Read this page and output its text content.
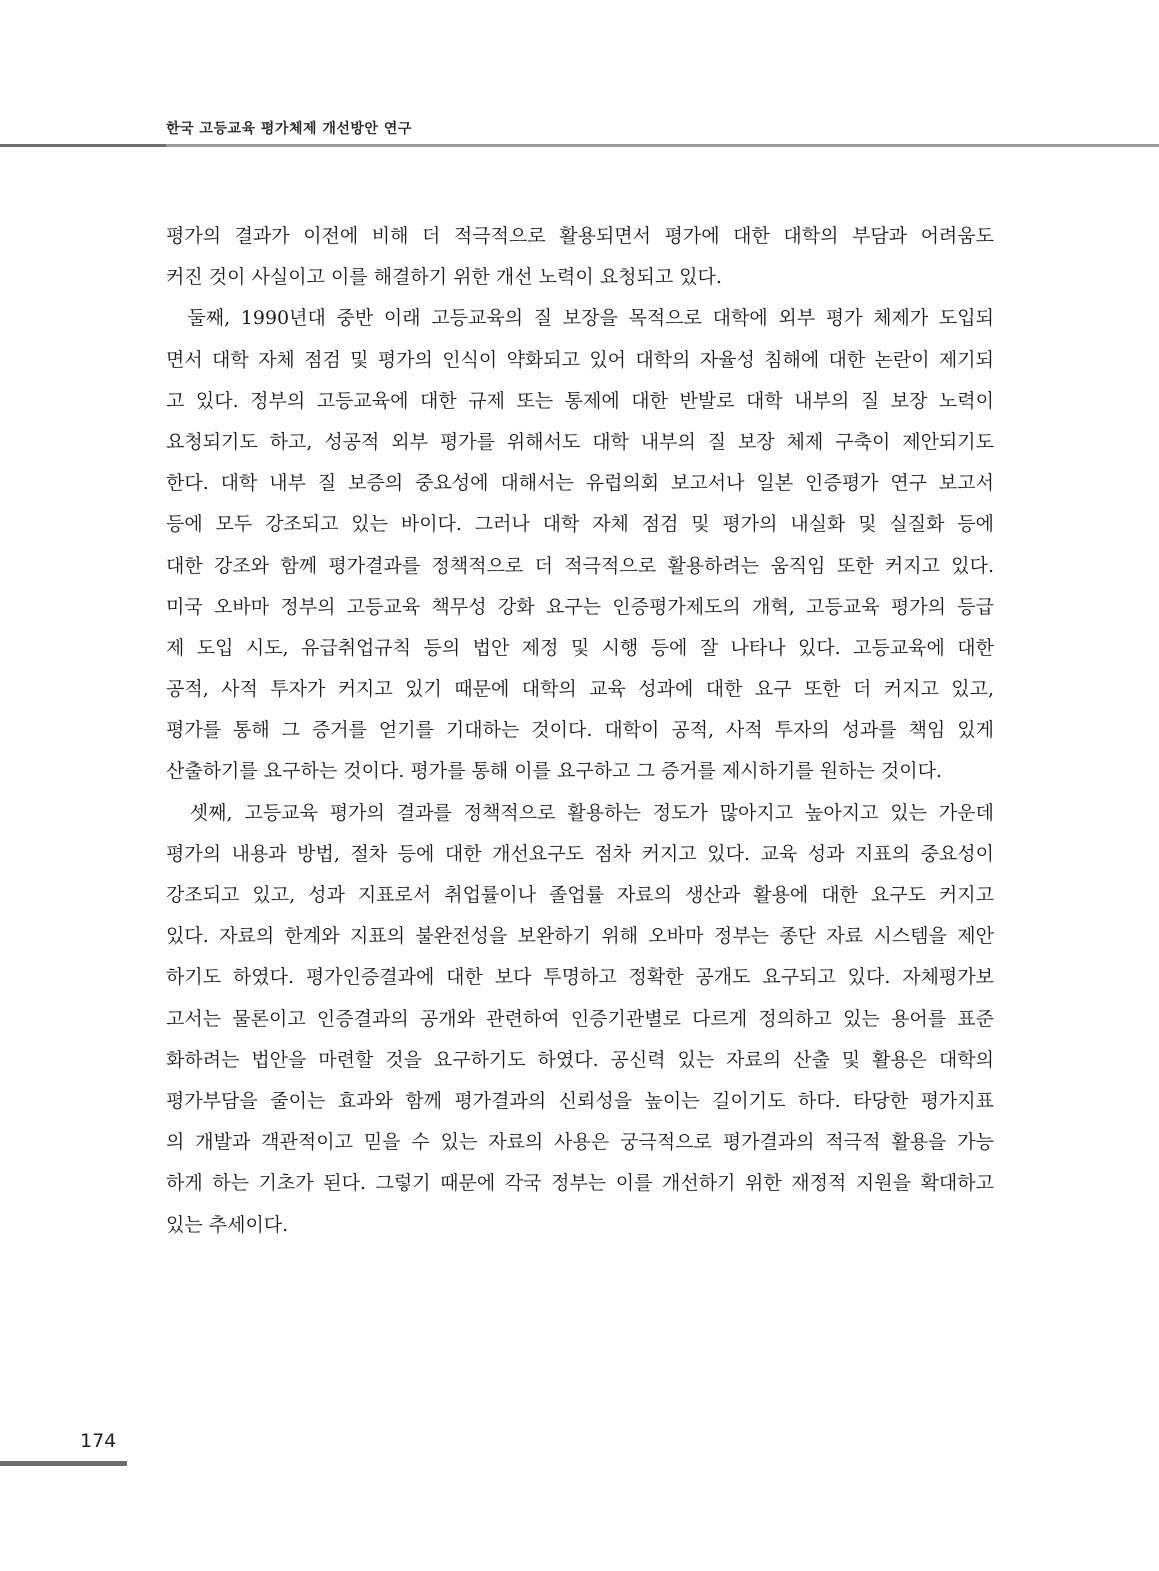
한국 고등교육 평가체제 개선방안 연구
평가의 결과가 이전에 비해 더 적극적으로 활용되면서 평가에 대한 대학의 부담과 어려움도
커진 것이 사실이고 이를 해결하기 위한 개선 노력이 요청되고 있다.
둘째, 1990년대 중반 이래 고등교육의 질 보장을 목적으로 대학에 외부 평가 체제가 도입되
면서 대학 자체 점검 및 평가의 인식이 약화되고 있어 대학의 자율성 침해에 대한 논란이 제기되
고 있다. 정부의 고등교육에 대한 규제 또는 통제에 대한 반발로 대학 내부의 질 보장 노력이
요청되기도 하고, 성공적 외부 평가를 위해서도 대학 내부의 질 보장 체제 구축이 제안되기도
한다. 대학 내부 질 보증의 중요성에 대해서는 유럽의회 보고서나 일본 인증평가 연구 보고서
등에 모두 강조되고 있는 바이다. 그러나 대학 자체 점검 및 평가의 내실화 및 실질화 등에
대한 강조와 함께 평가결과를 정책적으로 더 적극적으로 활용하려는 움직임 또한 커지고 있다.
미국 오바마 정부의 고등교육 책무성 강화 요구는 인증평가제도의 개혁, 고등교육 평가의 등급
제 도입 시도, 유급취업규칙 등의 법안 제정 및 시행 등에 잘 나타나 있다. 고등교육에 대한
공적, 사적 투자가 커지고 있기 때문에 대학의 교육 성과에 대한 요구 또한 더 커지고 있고,
평가를 통해 그 증거를 얻기를 기대하는 것이다. 대학이 공적, 사적 투자의 성과를 책임 있게
산출하기를 요구하는 것이다. 평가를 통해 이를 요구하고 그 증거를 제시하기를 원하는 것이다.
셋째, 고등교육 평가의 결과를 정책적으로 활용하는 정도가 많아지고 높아지고 있는 가운데
평가의 내용과 방법, 절차 등에 대한 개선요구도 점차 커지고 있다. 교육 성과 지표의 중요성이
강조되고 있고, 성과 지표로서 취업률이나 졸업률 자료의 생산과 활용에 대한 요구도 커지고
있다. 자료의 한계와 지표의 불완전성을 보완하기 위해 오바마 정부는 종단 자료 시스템을 제안
하기도 하였다. 평가인증결과에 대한 보다 투명하고 정확한 공개도 요구되고 있다. 자체평가보
고서는 물론이고 인증결과의 공개와 관련하여 인증기관별로 다르게 정의하고 있는 용어를 표준
화하려는 법안을 마련할 것을 요구하기도 하였다. 공신력 있는 자료의 산출 및 활용은 대학의
평가부담을 줄이는 효과와 함께 평가결과의 신뢰성을 높이는 길이기도 하다. 타당한 평가지표
의 개발과 객관적이고 믿을 수 있는 자료의 사용은 궁극적으로 평가결과의 적극적 활용을 가능
하게 하는 기초가 된다. 그렇기 때문에 각국 정부는 이를 개선하기 위한 재정적 지원을 확대하고
있는 추세이다.
174
